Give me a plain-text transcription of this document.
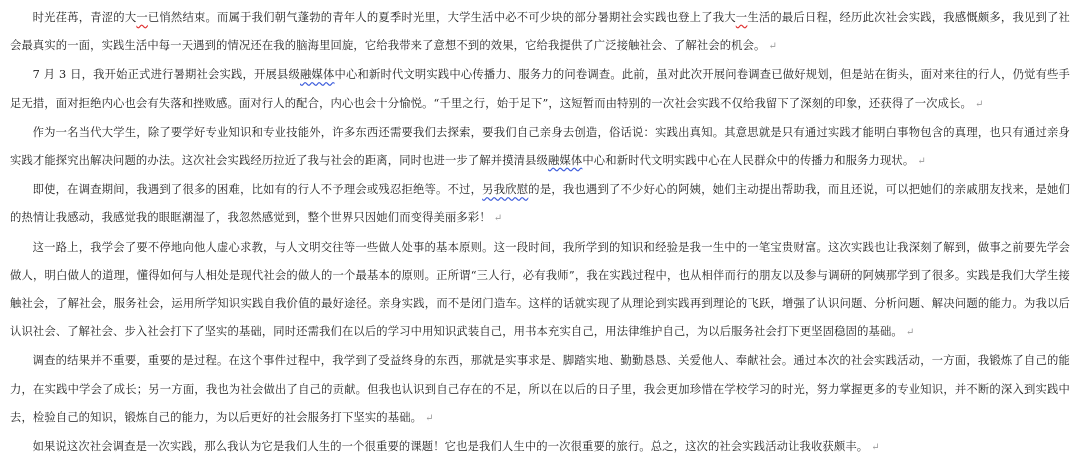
时光荏苒，青涩的大一已悄然结束。而属于我们朝气蓬勃的青年人的夏季时光里，大学生活中必不可少块的部分暑期社会实践也登上了我大一生活的最后日程，经历此次社会实践，我感慨颇多，我见到了社会最真实的一面，实践生活中每一天遇到的情况还在我的脑海里回旋，它给我带来了意想不到的效果，它给我提供了广泛接触社会、了解社会的机会。 ↵

7 月 3 日，我开始正式进行暑期社会实践，开展县级融媒体中心和新时代文明实践中心传播力、服务力的问卷调查。此前，虽对此次开展问卷调查已做好规划，但是站在街头，面对来往的行人，仍觉有些手足无措，面对拒绝内心也会有失落和挫败感。面对行人的配合，内心也会十分愉悦。“千里之行，始于足下”，这短暂而由特别的一次社会实践不仅给我留下了深刻的印象，还获得了一次成长。 ↵

作为一名当代大学生，除了要学好专业知识和专业技能外，许多东西还需要我们去探索，要我们自己亲身去创造，俗话说：实践出真知。其意思就是只有通过实践才能明白事物包含的真理，也只有通过亲身实践才能探究出解决问题的办法。这次社会实践经历拉近了我与社会的距离，同时也进一步了解并摸清县级融媒体中心和新时代文明实践中心在人民群众中的传播力和服务力现状。 ↵

即使，在调查期间，我遇到了很多的困难，比如有的行人不予理会或残忍拒绝等。不过，另我欣慰的是，我也遇到了不少好心的阿姨，她们主动提出帮助我，而且还说，可以把她们的亲戚朋友找来，是她们的热情让我感动，我感觉我的眼眶潮湿了，我忽然感觉到，整个世界只因她们而变得美丽多彩！ ↵

这一路上，我学会了要不停地向他人虚心求教，与人文明交往等一些做人处事的基本原则。这一段时间，我所学到的知识和经验是我一生中的一笔宝贵财富。这次实践也让我深刻了解到，做事之前要先学会做人，明白做人的道理，懂得如何与人相处是现代社会的做人的一个最基本的原则。正所谓“三人行，必有我师”，我在实践过程中，也从相伴而行的朋友以及参与调研的阿姨那学到了很多。实践是我们大学生接触社会，了解社会，服务社会，运用所学知识实践自我价值的最好途径。亲身实践，而不是闭门造车。这样的话就实现了从理论到实践再到理论的飞跃，增强了认识问题、分析问题、解决问题的能力。为我以后认识社会、了解社会、步入社会打下了坚实的基础，同时还需我们在以后的学习中用知识武装自己，用书本充实自己，用法律维护自己，为以后服务社会打下更坚固稳固的基础。 ↵

调查的结果并不重要，重要的是过程。在这个事件过程中，我学到了受益终身的东西，那就是实事求是、脚踏实地、勤勤恳恳、关爱他人、奉献社会。通过本次的社会实践活动，一方面，我锻炼了自己的能力，在实践中学会了成长；另一方面，我也为社会做出了自己的贡献。但我也认识到自己存在的不足，所以在以后的日子里，我会更加珍惜在学校学习的时光，努力掌握更多的专业知识，并不断的深入到实践中去，检验自己的知识，锻炼自己的能力，为以后更好的社会服务打下坚实的基础。 ↵

如果说这次社会调查是一次实践，那么我认为它是我们人生的一个很重要的课题！它也是我们人生中的一次很重要的旅行。总之，这次的社会实践活动让我收获颇丰。 ↵
